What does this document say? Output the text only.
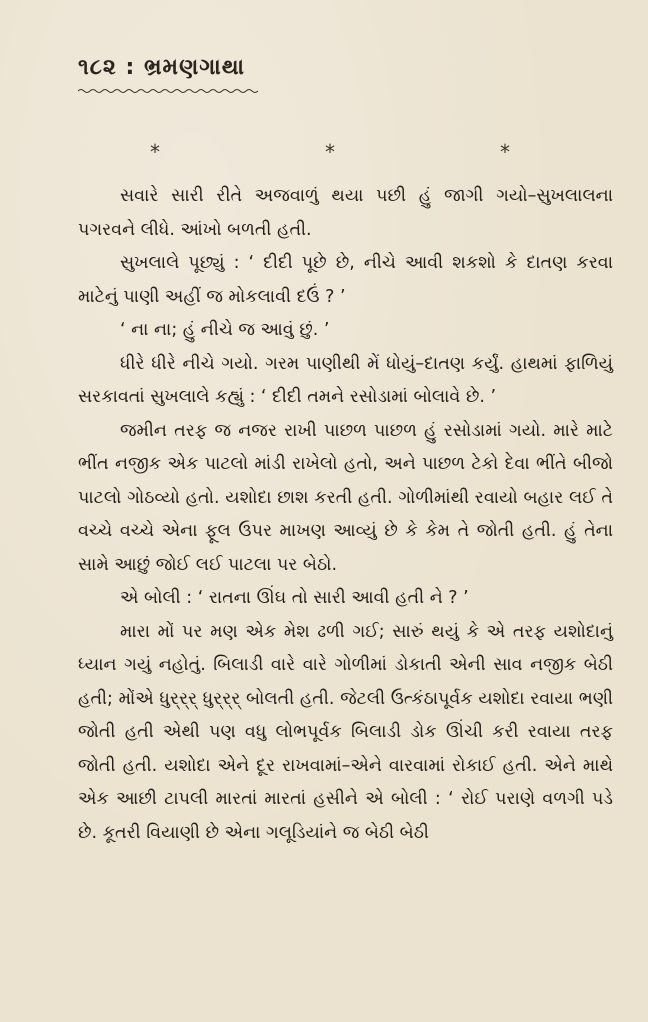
૧૮૨ : ભ્રમણગાથા
*	*	*

સવારે સારી રીતે અજવાળું થયા પછી હું જાગી ગયો–સુખલાલના પગરવને લીધે. આંખો બળતી હતી.

સુખલાલે પૂછ્યું : ‘ દીદી પૂછે છે, નીચે આવી શકશો કે દાતણ કરવા માટેનું પાણી અહીં જ મોકલાવી દઉં ? ’

‘ ના ના; હું નીચે જ આવું છું. ’

ધીરે ધીરે નીચે ગયો. ગરમ પાણીથી મેં ધોયું–દાતણ કર્યું. હાથમાં ફાળિયું સરકાવતાં સુખલાલે કહ્યું : ‘ દીદી તમને રસોડામાં બોલાવે છે. ’

જમીન તરફ જ નજર રાખી પાછળ પાછળ હું રસોડામાં ગયો. મારે માટે ભીંત નજીક એક પાટલો માંડી રાખેલો હતો, અને પાછળ ટેકો દેવા ભીંતે બીજો પાટલો ગોઠવ્યો હતો. યશોદા છાશ કરતી હતી. ગોળીમાંથી રવાયો બહાર લઈ તે વચ્ચે વચ્ચે એના ફૂલ ઉપર માખણ આવ્યું છે કે કેમ તે જોતી હતી. હું તેના સામે આછું જોઈ લઈ પાટલા પર બેઠો.

એ બોલી : ‘ રાતના ઊંઘ તો સારી આવી હતી ને ? ’

મારા મોં પર મણ એક મેશ ઢળી ગઈ; સારું થયું કે એ તરફ યશોદાનું ધ્યાન ગયું નહોતું. બિલાડી વારે વારે ગોળીમાં ડોકાતી એની સાવ નજીક બેઠી હતી; મોંએ ધુર્‌ર્‌ર્ ધુર્‌ર્‌ર્ બોલતી હતી. જેટલી ઉત્કંઠાપૂર્વક યશોદા રવાયા ભણી જોતી હતી એથી પણ વધુ લોભપૂર્વક બિલાડી ડોક ઊંચી કરી રવાયા તરફ જોતી હતી. યશોદા એને દૂર રાખવામાં–એને વારવામાં રોકાઈ હતી. એને માથે એક આછી ટાપલી મારતાં મારતાં હસીને એ બોલી : ‘ રોઈ પરાણે વળગી પડે છે. કૂતરી વિયાણી છે એના ગલૂડિયાંને જ બેઠી બેઠી
